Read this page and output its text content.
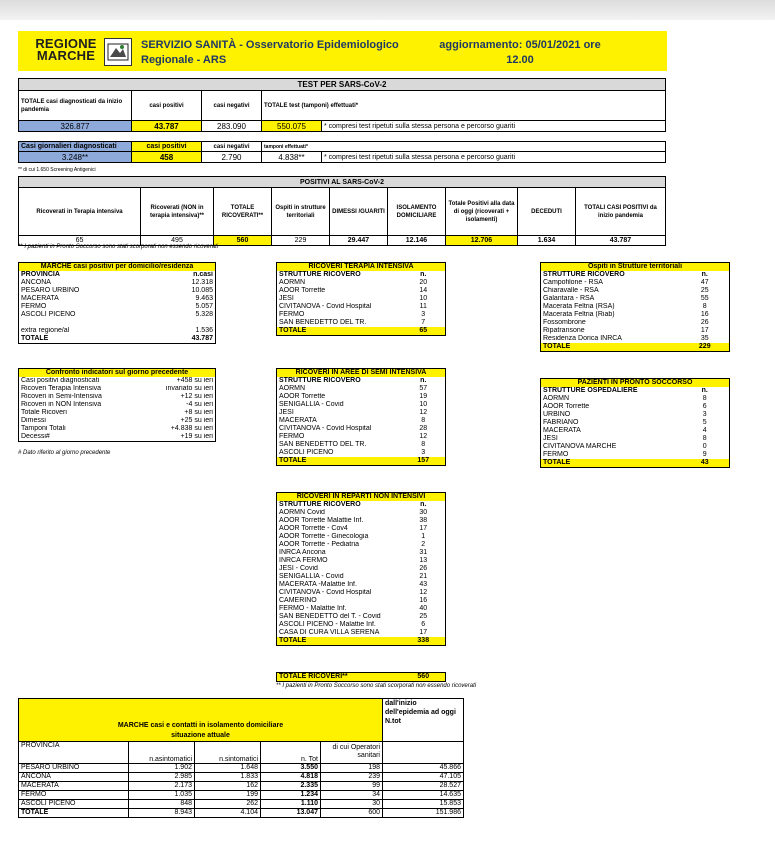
REGIONE
MARCHE
SERVIZIO SANITÀ - Osservatorio Epidemiologico
Regionale - ARS
aggiornamento: 05/01/2021 ore
12.00
TEST PER SARS-CoV-2				
TOTALE casi diagnosticati da inizio pandemia	casi positivi	casi negativi	TOTALE test (tamponi) effettuati*	
326.877	43.787	283.090	550.075	* compresi test ripetuti sulla stessa persona e percorso guariti
Casi giornalieri diagnosticati	casi positivi	casi negativi	tamponi effettuati*	
3.248**	458	2.790	4.838**	* compresi test ripetuti sulla stessa persona e percorso guariti
** di cui 1.650 Screening Antigenici
POSITIVI AL SARS-CoV-2								
Ricoverati in Terapia intensiva	Ricoverati (NON in terapia intensiva)**	TOTALE RICOVERATI**	Ospiti in strutture territoriali	DIMESSI /GUARITI	ISOLAMENTO DOMICILIARE	Totale Positivi alla data di oggi (ricoverati + isolamenti)	DECEDUTI	TOTALI CASI POSITIVI da inizio pandemia
65	495	560	229	29.447	12.146	12.706	1.634	43.787
** I pazienti in Pronto Soccorso sono stati scorporati non essendo ricoverati
MARCHE casi positivi per domicilio/residenza	
PROVINCIA	n.casi
ANCONA	12.318
PESARO URBINO	10.085
MACERATA	9.463
FERMO	5.057
ASCOLI PICENO	5.328

extra regione/al	1.536
TOTALE	43.787
Confronto indicatori sul giorno precedente	
Casi positivi diagnosticati	+458 su ieri
Ricoveri Terapia Intensiva	invariato su ieri
Ricoveri in Semi-Intensiva	+12 su ieri
Ricoveri in NON Intensiva	-4 su ieri
Totale Ricoveri	+8 su ieri
Dimessi	+25 su ieri
Tamponi Totali	+4.838 su ieri
Decessi#	+19 su ieri
# Dato riferito al giorno precedente
RICOVERI TERAPIA INTENSIVA	
STRUTTURE RICOVERO	n.
AORMN	20
AOOR Torrette	14
JESI	10
CIVITANOVA - Covid Hospital	11
FERMO	3
SAN BENEDETTO DEL TR.	7
TOTALE	65
RICOVERI IN AREE DI SEMI INTENSIVA	
STRUTTURE RICOVERO	n.
AORMN	57
AOOR Torrette	19
SENIGALLIA - Covid	10
JESI	12
MACERATA	8
CIVITANOVA - Covid Hospital	28
FERMO	12
SAN BENEDETTO DEL TR.	8
ASCOLI PICENO	3
TOTALE	157
RICOVERI IN REPARTI NON INTENSIVI	
STRUTTURE RICOVERO	n.
AORMN Covid	30
AOOR Torrette Malattie Inf.	38
AOOR Torrette - Cov4	17
AOOR Torrette - Ginecologia	1
AOOR Torrette - Pediatria	2
INRCA Ancona	31
INRCA FERMO	13
JESI - Covid	26
SENIGALLIA - Covid	21
MACERATA -Malattie Inf.	43
CIVITANOVA - Covid Hospital	12
CAMERINO	16
FERMO - Malattie Inf.	40
SAN BENEDETTO del T. - Covid	25
ASCOLI PICENO - Malattie Inf.	6
CASA DI CURA VILLA SERENA	17
TOTALE	338
TOTALE RICOVERI**	560
** I pazienti in Pronto Soccorso sono stati scorporati non essendo ricoverati
Ospiti in Strutture territoriali	
STRUTTURE RICOVERO	n.
Campofilone - RSA	47
Chiaravalle - RSA	25
Galantara - RSA	55
Macerata Feltria (RSA)	8
Macerata Feltria (Riab)	16
Fossombrone	26
Ripatransone	17
Residenza Dorica INRCA	35
TOTALE	229
PAZIENTI IN PRONTO SOCCORSO	
STRUTTURE OSPEDALIERE	n.
AORMN	8
AOOR Torrette	6
URBINO	3
FABRIANO	5
MACERATA	4
JESI	8
CIVITANOVA MARCHE	0
FERMO	9
TOTALE	43
					dall'inizio dell'epidemia ad oggi N.tot

MARCHE casi e contatti in isolamento domiciliare
situazione attuale					

PROVINCIA	n.asintomatici	n.sintomatici	n. Tot	di cui Operatori sanitari	
PESARO URBINO	1.902	1.648	3.550	198	45.866
ANCONA	2.985	1.833	4.818	239	47.105
MACERATA	2.173	162	2.335	99	28.527
FERMO	1.035	199	1.234	34	14.635
ASCOLI PICENO	848	262	1.110	30	15.853
TOTALE	8.943	4.104	13.047	600	151.986
